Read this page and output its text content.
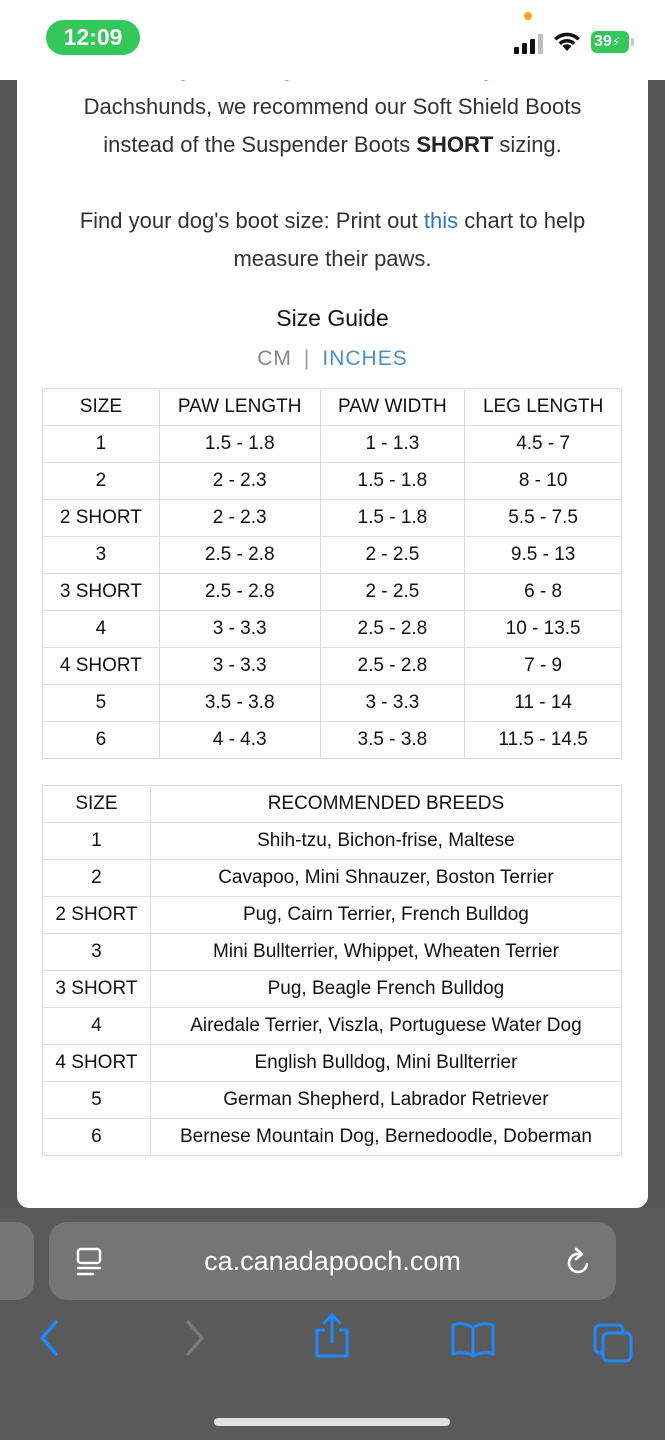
12:09	39⚡
Dachshunds, we recommend our Soft Shield Boots
instead of the Suspender Boots SHORT sizing.
Find your dog's boot size: Print out this chart to help
measure their paws.
Size Guide
CM | INCHES
SIZE	PAW LENGTH	PAW WIDTH	LEG LENGTH
1	1.5 - 1.8	1 - 1.3	4.5 - 7
2	2 - 2.3	1.5 - 1.8	8 - 10
2 SHORT	2 - 2.3	1.5 - 1.8	5.5 - 7.5
3	2.5 - 2.8	2 - 2.5	9.5 - 13
3 SHORT	2.5 - 2.8	2 - 2.5	6 - 8
4	3 - 3.3	2.5 - 2.8	10 - 13.5
4 SHORT	3 - 3.3	2.5 - 2.8	7 - 9
5	3.5 - 3.8	3 - 3.3	11 - 14
6	4 - 4.3	3.5 - 3.8	11.5 - 14.5
SIZE	RECOMMENDED BREEDS
1	Shih-tzu, Bichon-frise, Maltese
2	Cavapoo, Mini Shnauzer, Boston Terrier
2 SHORT	Pug, Cairn Terrier, French Bulldog
3	Mini Bullterrier, Whippet, Wheaten Terrier
3 SHORT	Pug, Beagle French Bulldog
4	Airedale Terrier, Viszla, Portuguese Water Dog
4 SHORT	English Bulldog, Mini Bullterrier
5	German Shepherd, Labrador Retriever
6	Bernese Mountain Dog, Bernedoodle, Doberman
ca.canadapooch.com
